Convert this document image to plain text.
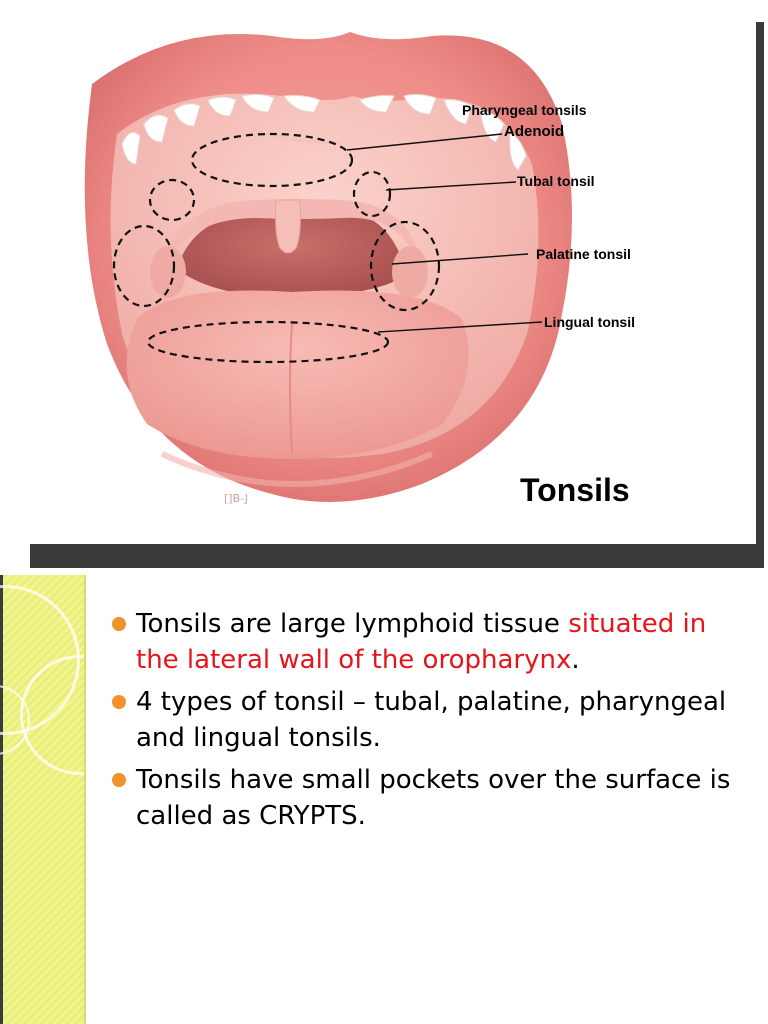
Pharyngeal tonsils
Adenoid
Tubal tonsil
Palatine tonsil
Lingual tonsil
[]B-J	Tonsils
Tonsils are large lymphoid tissue situated in the lateral wall of the oropharynx.
4 types of tonsil – tubal, palatine, pharyngeal and lingual tonsils.
Tonsils have small pockets over the surface is called as CRYPTS.
